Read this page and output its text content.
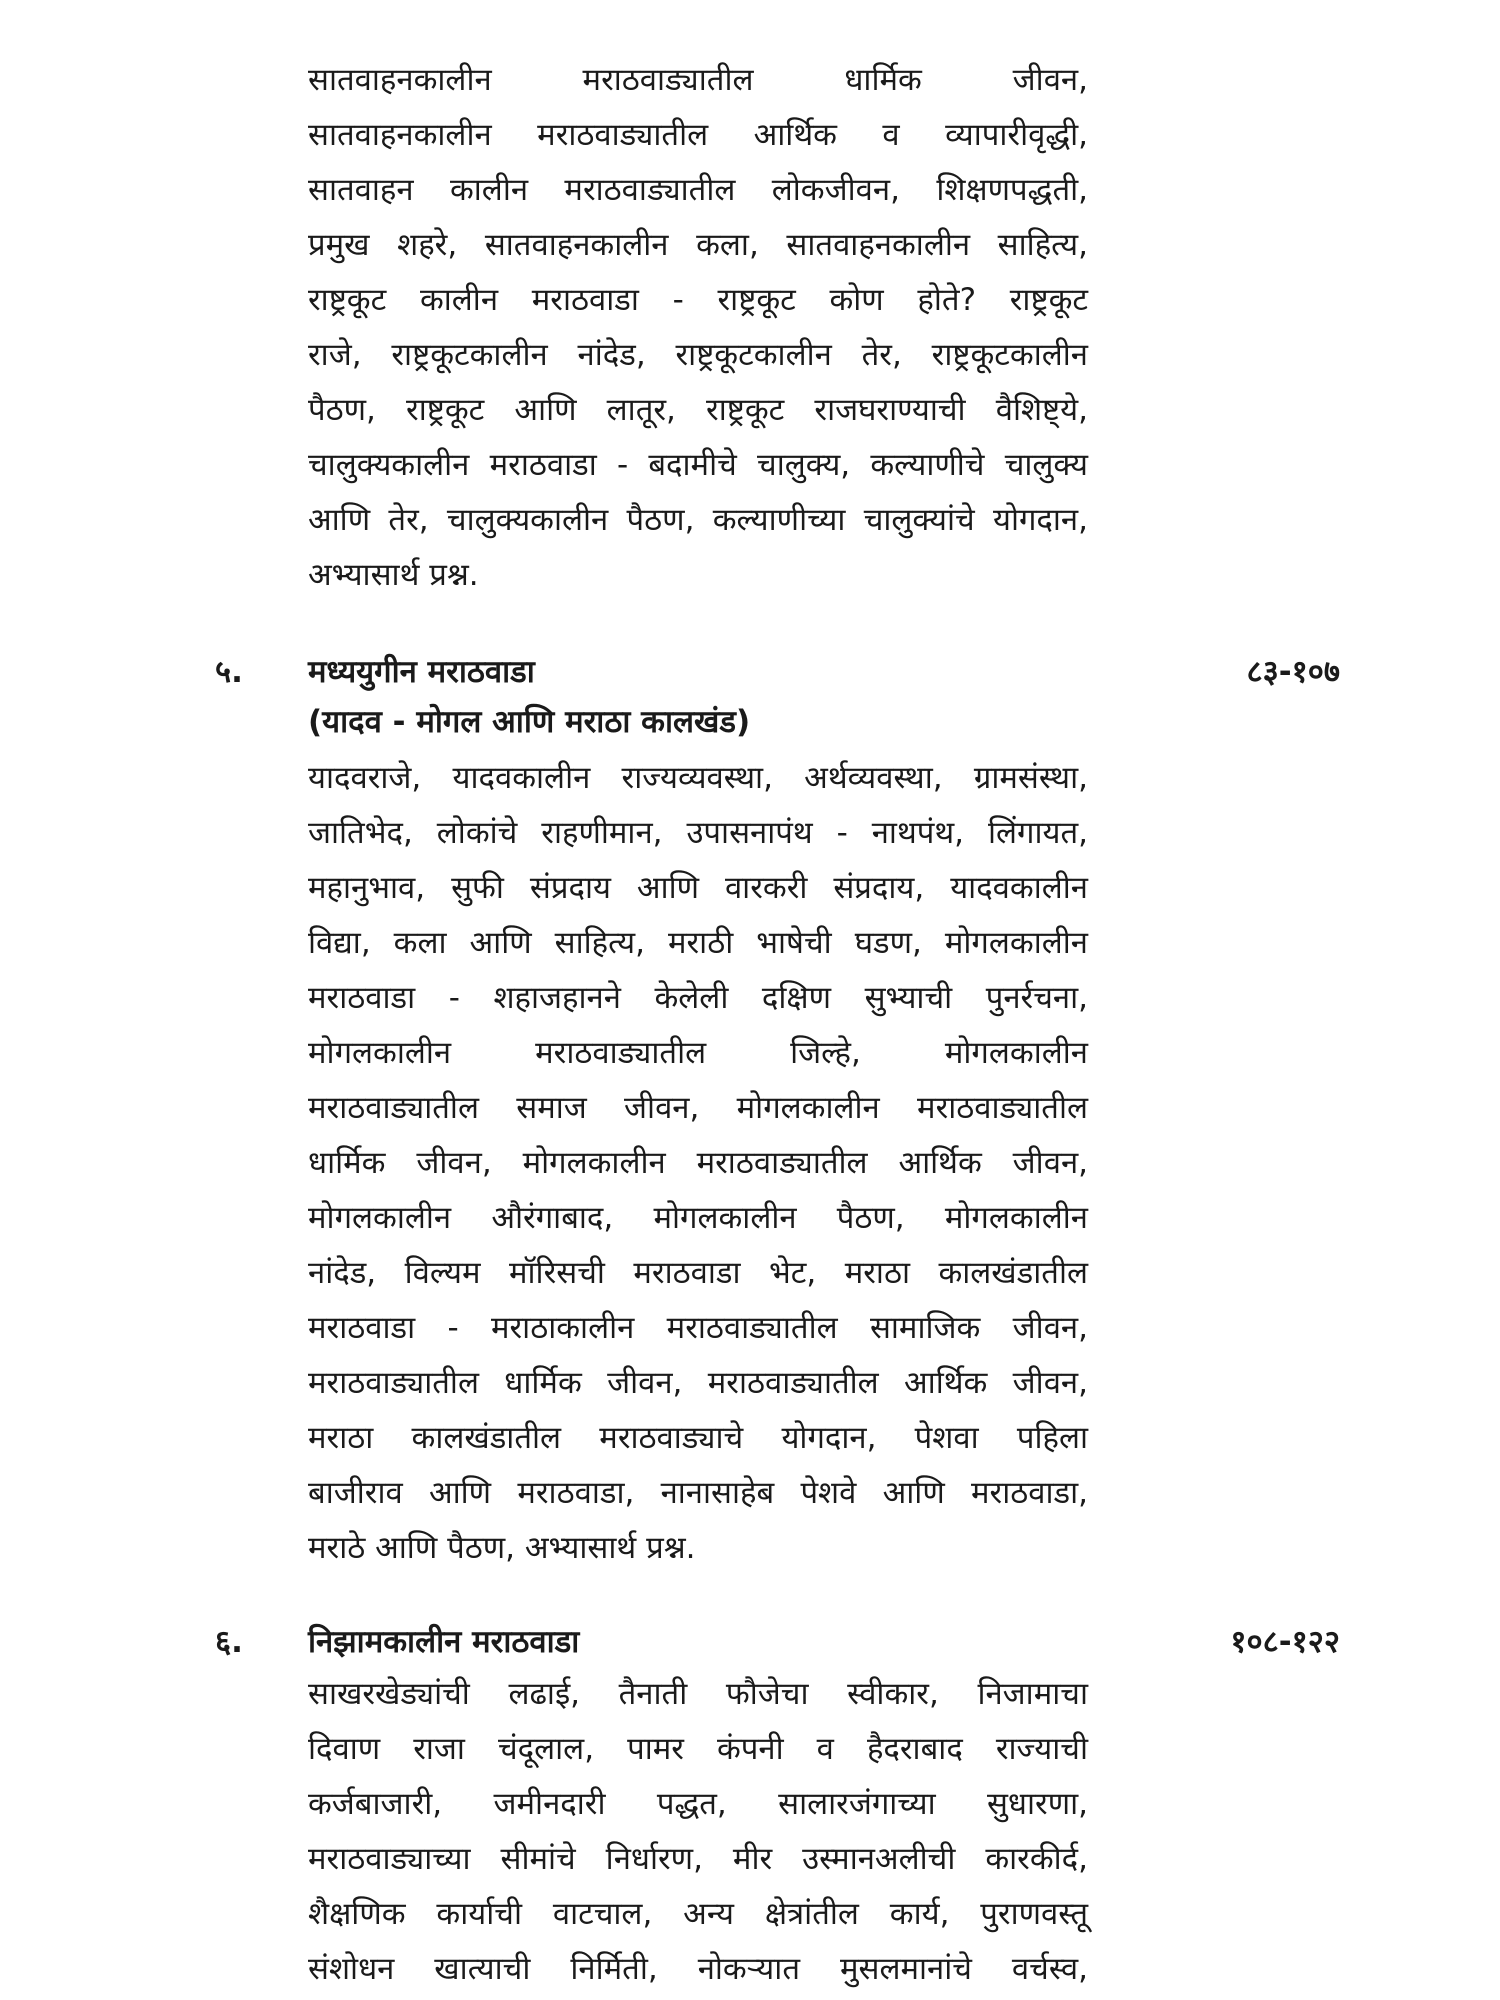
सातवाहनकालीन मराठवाड्यातील धार्मिक जीवन,
सातवाहनकालीन मराठवाड्यातील आर्थिक व व्यापारीवृद्धी,
सातवाहन कालीन मराठवाड्यातील लोकजीवन, शिक्षणपद्धती,
प्रमुख शहरे, सातवाहनकालीन कला, सातवाहनकालीन साहित्य,
राष्ट्रकूट कालीन मराठवाडा - राष्ट्रकूट कोण होते? राष्ट्रकूट
राजे, राष्ट्रकूटकालीन नांदेड, राष्ट्रकूटकालीन तेर, राष्ट्रकूटकालीन
पैठण, राष्ट्रकूट आणि लातूर, राष्ट्रकूट राजघराण्याची वैशिष्ट्ये,
चालुक्यकालीन मराठवाडा - बदामीचे चालुक्य, कल्याणीचे चालुक्य
आणि तेर, चालुक्यकालीन पैठण, कल्याणीच्या चालुक्यांचे योगदान,
अभ्यासार्थ प्रश्न.
५. मध्ययुगीन मराठवाडा	८३-१०७
(यादव - मोगल आणि मराठा कालखंड)
यादवराजे, यादवकालीन राज्यव्यवस्था, अर्थव्यवस्था, ग्रामसंस्था,
जातिभेद, लोकांचे राहणीमान, उपासनापंथ - नाथपंथ, लिंगायत,
महानुभाव, सुफी संप्रदाय आणि वारकरी संप्रदाय, यादवकालीन
विद्या, कला आणि साहित्य, मराठी भाषेची घडण, मोगलकालीन
मराठवाडा - शहाजहानने केलेली दक्षिण सुभ्याची पुनर्रचना,
मोगलकालीन मराठवाड्यातील जिल्हे, मोगलकालीन
मराठवाड्यातील समाज जीवन, मोगलकालीन मराठवाड्यातील
धार्मिक जीवन, मोगलकालीन मराठवाड्यातील आर्थिक जीवन,
मोगलकालीन औरंगाबाद, मोगलकालीन पैठण, मोगलकालीन
नांदेड, विल्यम मॉरिसची मराठवाडा भेट, मराठा कालखंडातील
मराठवाडा - मराठाकालीन मराठवाड्यातील सामाजिक जीवन,
मराठवाड्यातील धार्मिक जीवन, मराठवाड्यातील आर्थिक जीवन,
मराठा कालखंडातील मराठवाड्याचे योगदान, पेशवा पहिला
बाजीराव आणि मराठवाडा, नानासाहेब पेशवे आणि मराठवाडा,
मराठे आणि पैठण, अभ्यासार्थ प्रश्न.
६. निझामकालीन मराठवाडा	१०८-१२२
साखरखेड्यांची लढाई, तैनाती फौजेचा स्वीकार, निजामाचा
दिवाण राजा चंदूलाल, पामर कंपनी व हैदराबाद राज्याची
कर्जबाजारी, जमीनदारी पद्धत, सालारजंगाच्या सुधारणा,
मराठवाड्याच्या सीमांचे निर्धारण, मीर उस्मानअलीची कारकीर्द,
शैक्षणिक कार्याची वाटचाल, अन्य क्षेत्रांतील कार्य, पुराणवस्तू
संशोधन खात्याची निर्मिती, नोकऱ्यात मुसलमानांचे वर्चस्व,
